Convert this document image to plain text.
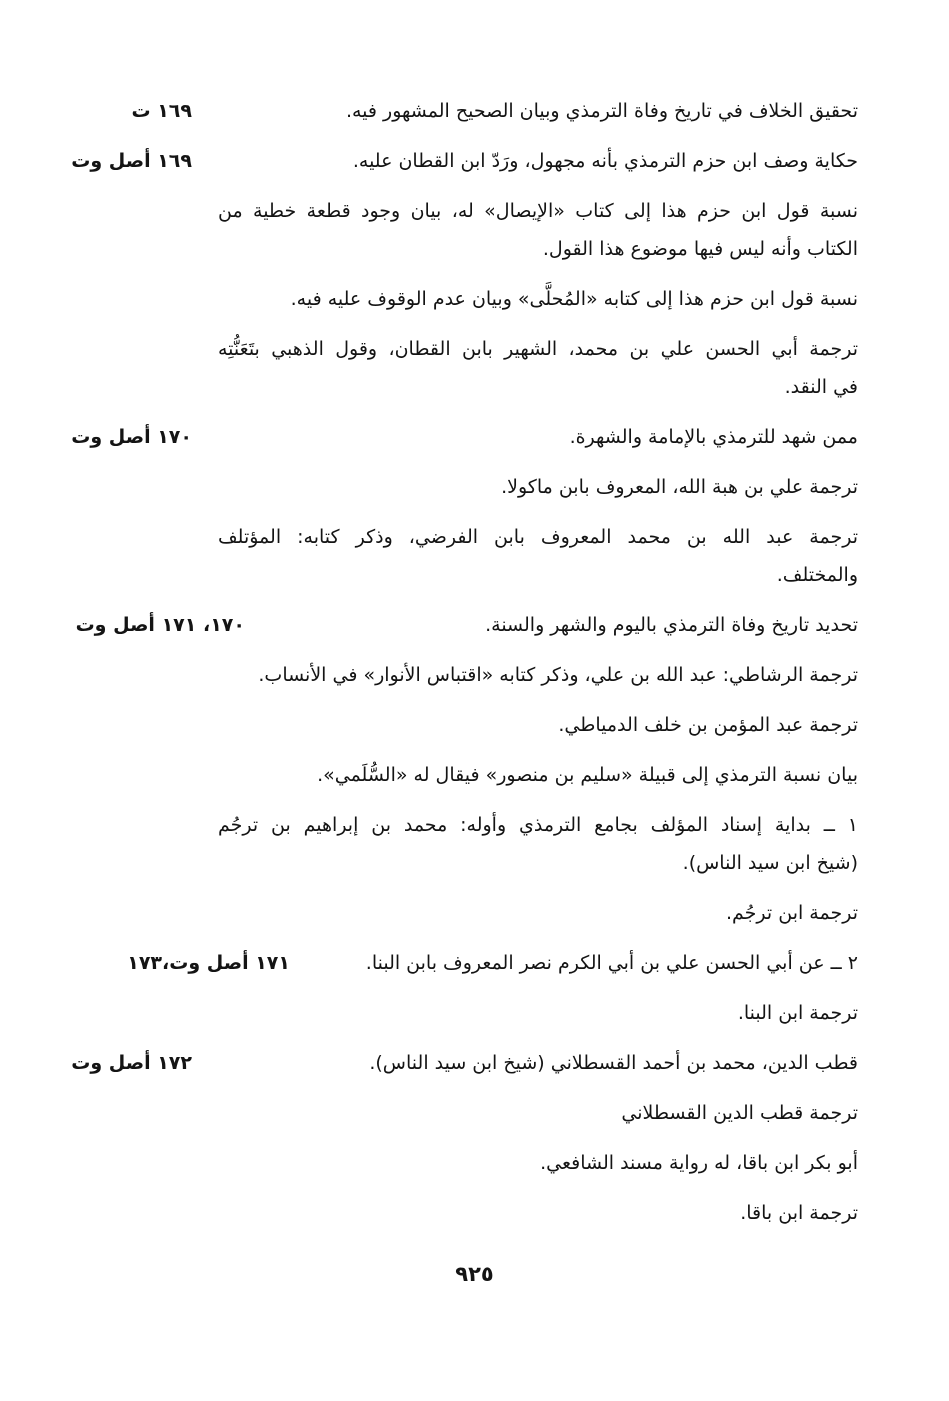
تحقيق الخلاف في تاريخ وفاة الترمذي وبيان الصحيح المشهور فيه.
١٦٩ ت
حكاية وصف ابن حزم الترمذي بأنه مجهول، ورَدّ ابن القطان عليه.
١٦٩ أصل وت
نسبة قول ابن حزم هذا إلى كتاب «الإيصال» له، بيان وجود قطعة خطية من
الكتاب وأنه ليس فيها موضوع هذا القول.
نسبة قول ابن حزم هذا إلى كتابه «المُحلَّى» وبيان عدم الوقوف عليه فيه.
ترجمة أبي الحسن علي بن محمد، الشهير بابن القطان، وقول الذهبي بتَعَنُّتِه
في النقد.
ممن شهد للترمذي بالإمامة والشهرة.
١٧٠ أصل وت
ترجمة علي بن هبة الله، المعروف بابن ماكولا.
ترجمة عبد الله بن محمد المعروف بابن الفرضي، وذكر كتابه: المؤتلف
والمختلف.
تحديد تاريخ وفاة الترمذي باليوم والشهر والسنة.
١٧٠، ١٧١ أصل وت
ترجمة الرشاطي: عبد الله بن علي، وذكر كتابه «اقتباس الأنوار» في الأنساب.
ترجمة عبد المؤمن بن خلف الدمياطي.
بيان نسبة الترمذي إلى قبيلة «سليم بن منصور» فيقال له «السُّلَمي».
١ ــ بداية إسناد المؤلف بجامع الترمذي وأوله: محمد بن إبراهيم بن ترجُم
(شيخ ابن سيد الناس).
ترجمة ابن ترجُم.
٢ ــ عن أبي الحسن علي بن أبي الكرم نصر المعروف بابن البنا.
١٧١ أصل وت،١٧٣
ترجمة ابن البنا.
قطب الدين، محمد بن أحمد القسطلاني (شيخ ابن سيد الناس).
١٧٢ أصل وت
ترجمة قطب الدين القسطلاني
أبو بكر ابن باقا، له رواية مسند الشافعي.
ترجمة ابن باقا.
٩٢٥
